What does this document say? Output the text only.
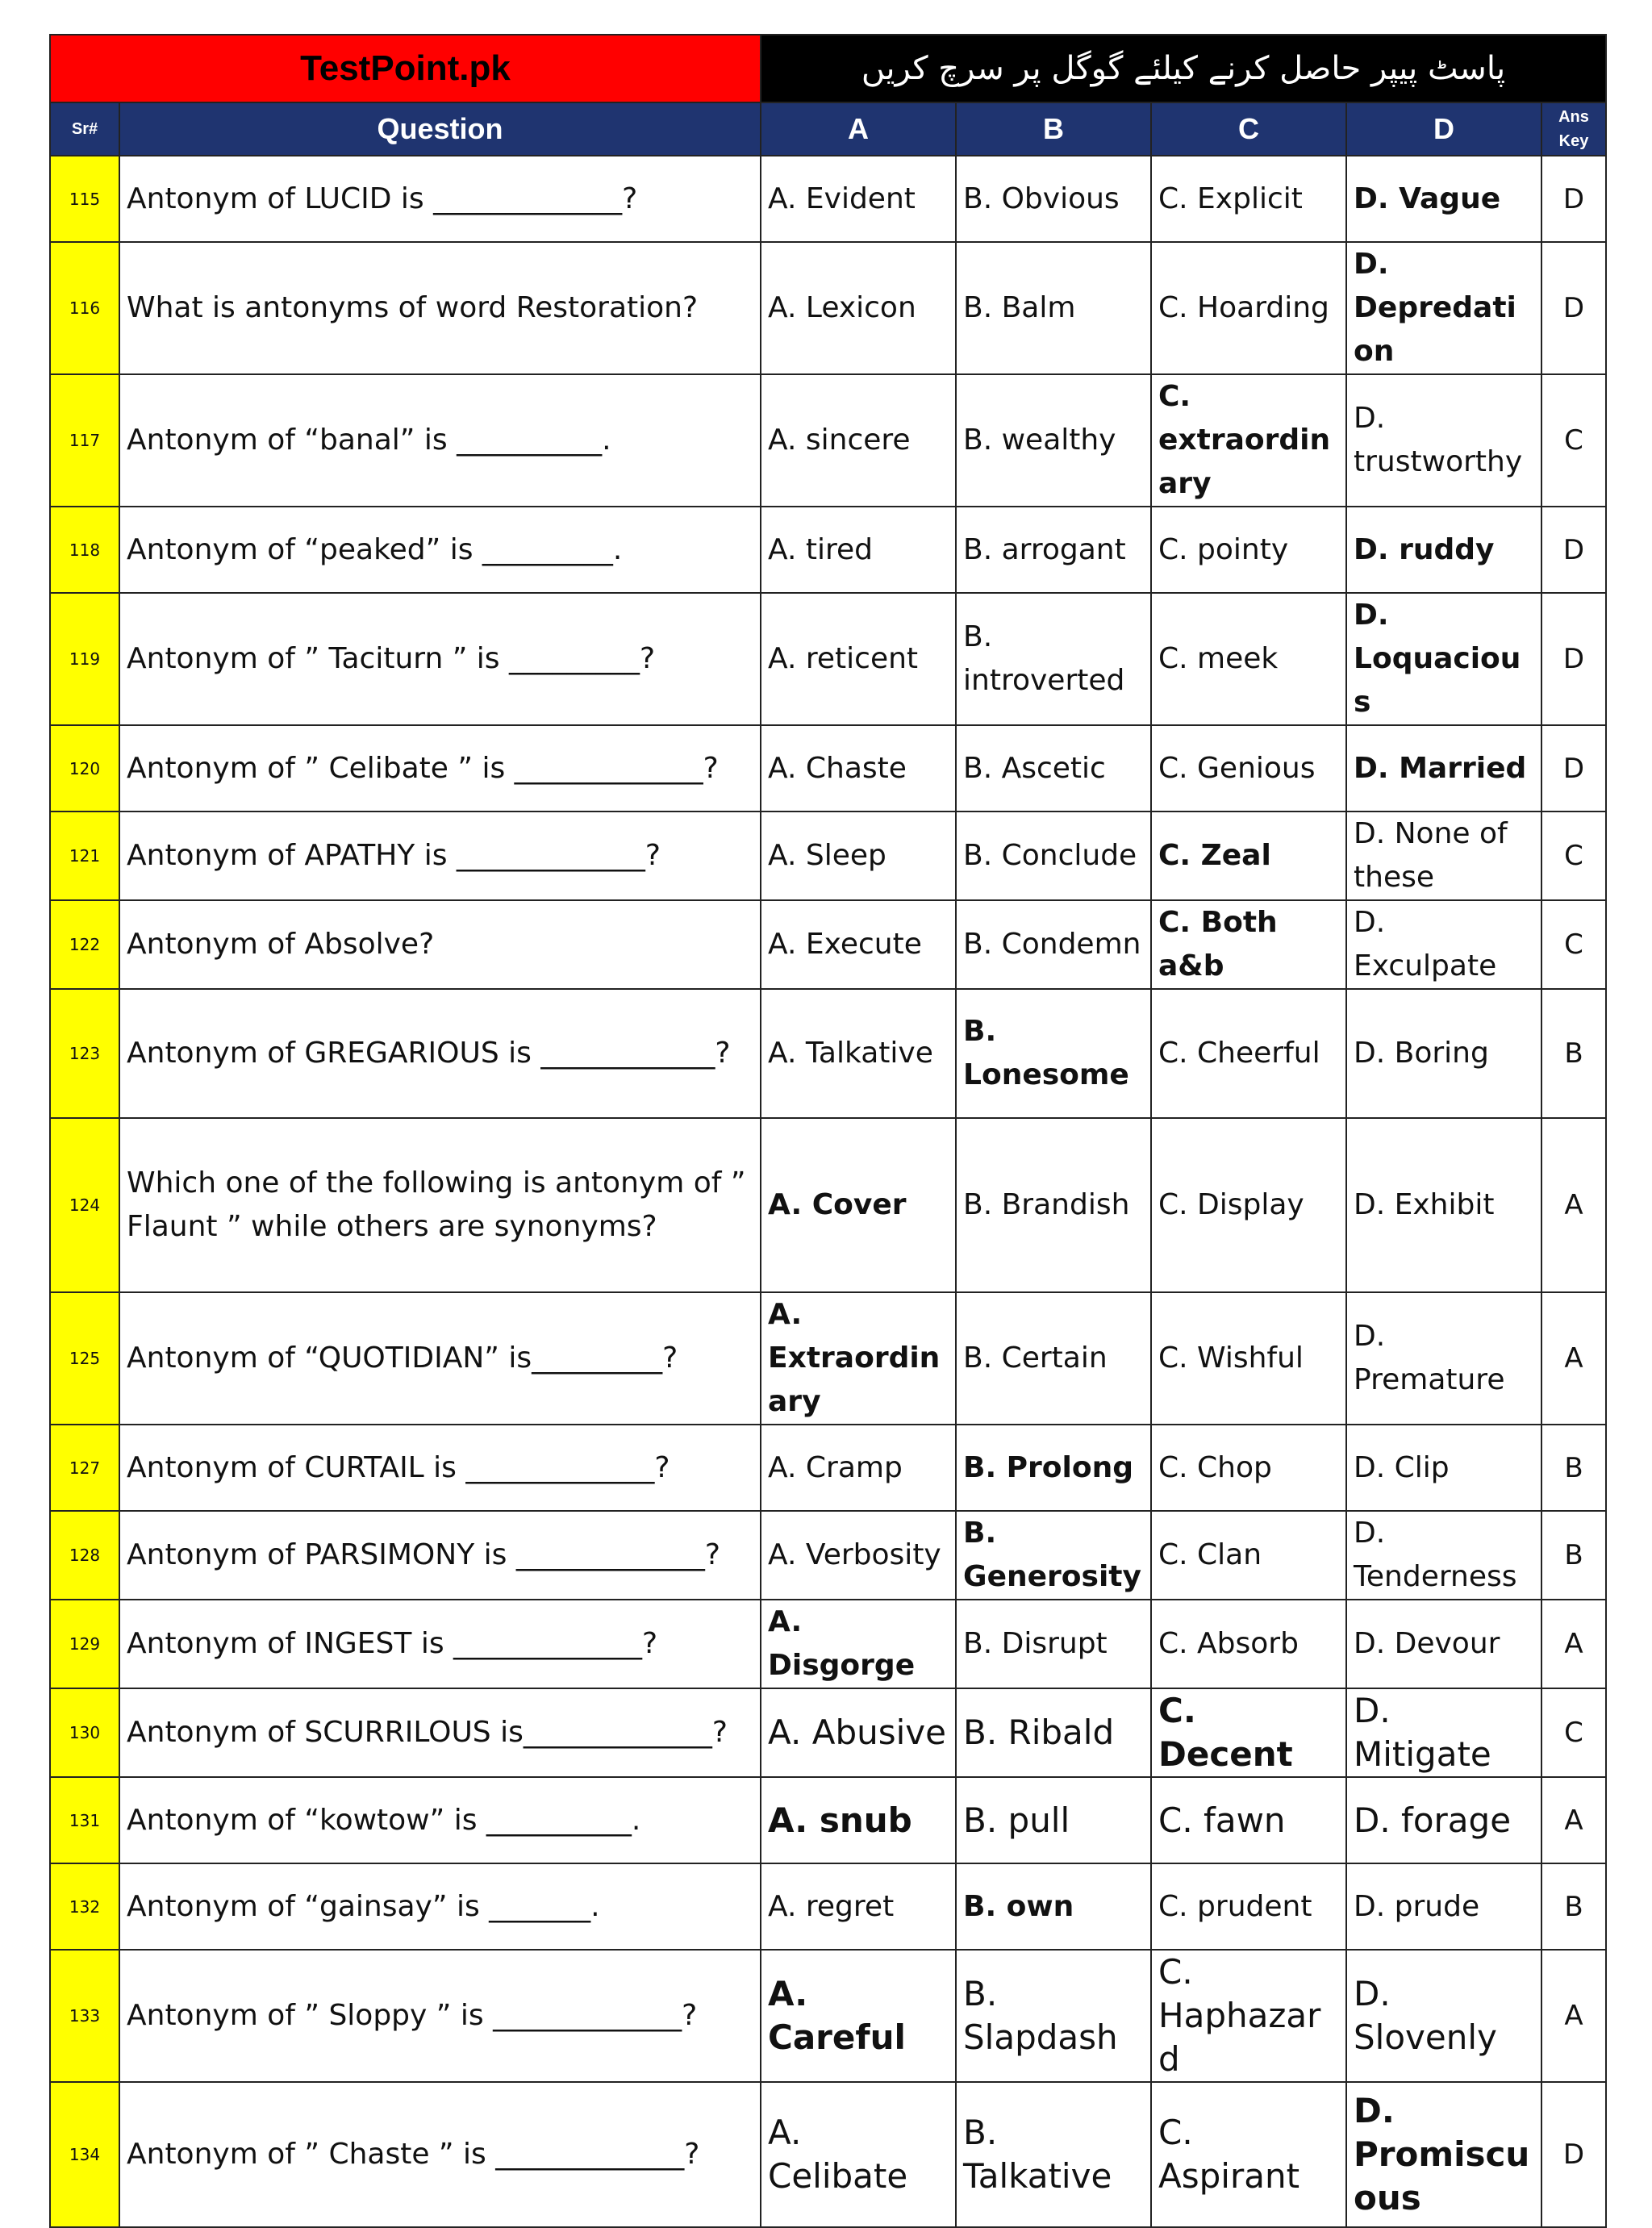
TestPoint.pk		پاسٹ پیپر حاصل کرنے کیلئے گوگل پر سرچ کریں				
Sr#	Question	A	B	C	D	Ans
Key
115	Antonym of LUCID is _____________?	A. Evident	B. Obvious	C. Explicit	D. Vague	D
116	What is antonyms of word Restoration?	A. Lexicon	B. Balm	C. Hoarding	D. Depredation	D
117	Antonym of “banal” is __________.	A. sincere	B. wealthy	C. extraordinary	D. trustworthy	C
118	Antonym of “peaked” is _________.	A. tired	B. arrogant	C. pointy	D. ruddy	D
119	Antonym of ” Taciturn ” is _________?	A. reticent	B. introverted	C. meek	D. Loquacious	D
120	Antonym of ” Celibate ” is _____________?	A. Chaste	B. Ascetic	C. Genious	D. Married	D
121	Antonym of APATHY is _____________?	A. Sleep	B. Conclude	C. Zeal	D. None of these	C
122	Antonym of Absolve?	A. Execute	B. Condemn	C. Both a&b	D. Exculpate	C
123	Antonym of GREGARIOUS is ____________?	A. Talkative	B. Lonesome	C. Cheerful	D. Boring	B
124	Which one of the following is antonym of ” Flaunt ” while others are synonyms?	A. Cover	B. Brandish	C. Display	D. Exhibit	A
125	Antonym of “QUOTIDIAN” is_________?	A. Extraordinary	B. Certain	C. Wishful	D. Premature	A
127	Antonym of CURTAIL is _____________?	A. Cramp	B. Prolong	C. Chop	D. Clip	B
128	Antonym of PARSIMONY is _____________?	A. Verbosity	B. Generosity	C. Clan	D. Tenderness	B
129	Antonym of INGEST is _____________?	A. Disgorge	B. Disrupt	C. Absorb	D. Devour	A
130	Antonym of SCURRILOUS is_____________?	A. Abusive	B. Ribald	C. Decent	D. Mitigate	C
131	Antonym of “kowtow” is __________.	A. snub	B. pull	C. fawn	D. forage	A
132	Antonym of “gainsay” is _______.	A. regret	B. own	C. prudent	D. prude	B
133	Antonym of ” Sloppy ” is _____________?	A. Careful	B. Slapdash	C. Haphazard	D. Slovenly	A
134	Antonym of ” Chaste ” is _____________?	A. Celibate	B. Talkative	C. Aspirant	D. Promiscuous	D
